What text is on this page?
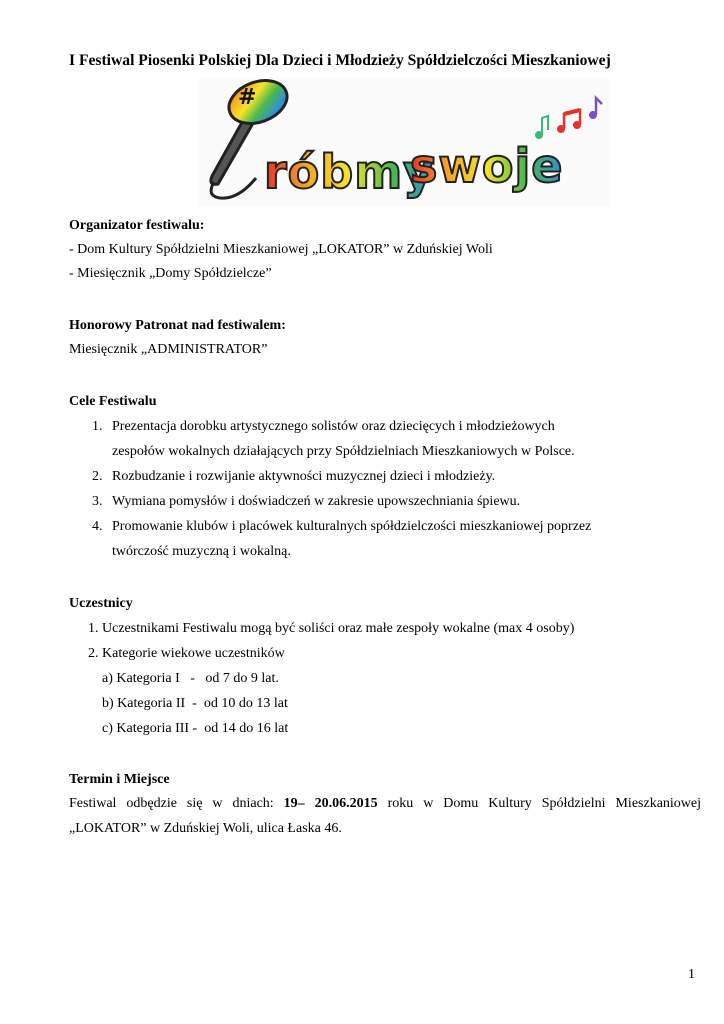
I Festiwal Piosenki Polskiej Dla Dzieci i Młodzieży Spółdzielczości Mieszkaniowej
#
róbmy
swoje
Organizator festiwalu:
- Dom Kultury Spółdzielni Mieszkaniowej „LOKATOR” w Zduńskiej Woli
- Miesięcznik „Domy Spółdzielcze”
Honorowy Patronat nad festiwalem:
Miesięcznik „ADMINISTRATOR”
Cele Festiwalu
1. Prezentacja dorobku artystycznego solistów oraz dziecięcych i młodzieżowych
zespołów wokalnych działających przy Spółdzielniach Mieszkaniowych w Polsce.
2. Rozbudzanie i rozwijanie aktywności muzycznej dzieci i młodzieży.
3. Wymiana pomysłów i doświadczeń w zakresie upowszechniania śpiewu.
4. Promowanie klubów i placówek kulturalnych spółdzielczości mieszkaniowej poprzez
twórczość muzyczną i wokalną.
Uczestnicy
1. Uczestnikami Festiwalu mogą być soliści oraz małe zespoły wokalne (max 4 osoby)
2. Kategorie wiekowe uczestników
a) Kategoria I   -   od 7 do 9 lat.
b) Kategoria II  -  od 10 do 13 lat
c) Kategoria III -  od 14 do 16 lat
Termin i Miejsce
Festiwal odbędzie się w dniach: 19– 20.06.2015 roku w Domu Kultury Spółdzielni Mieszkaniowej
„LOKATOR” w Zduńskiej Woli, ulica Łaska 46.
1
